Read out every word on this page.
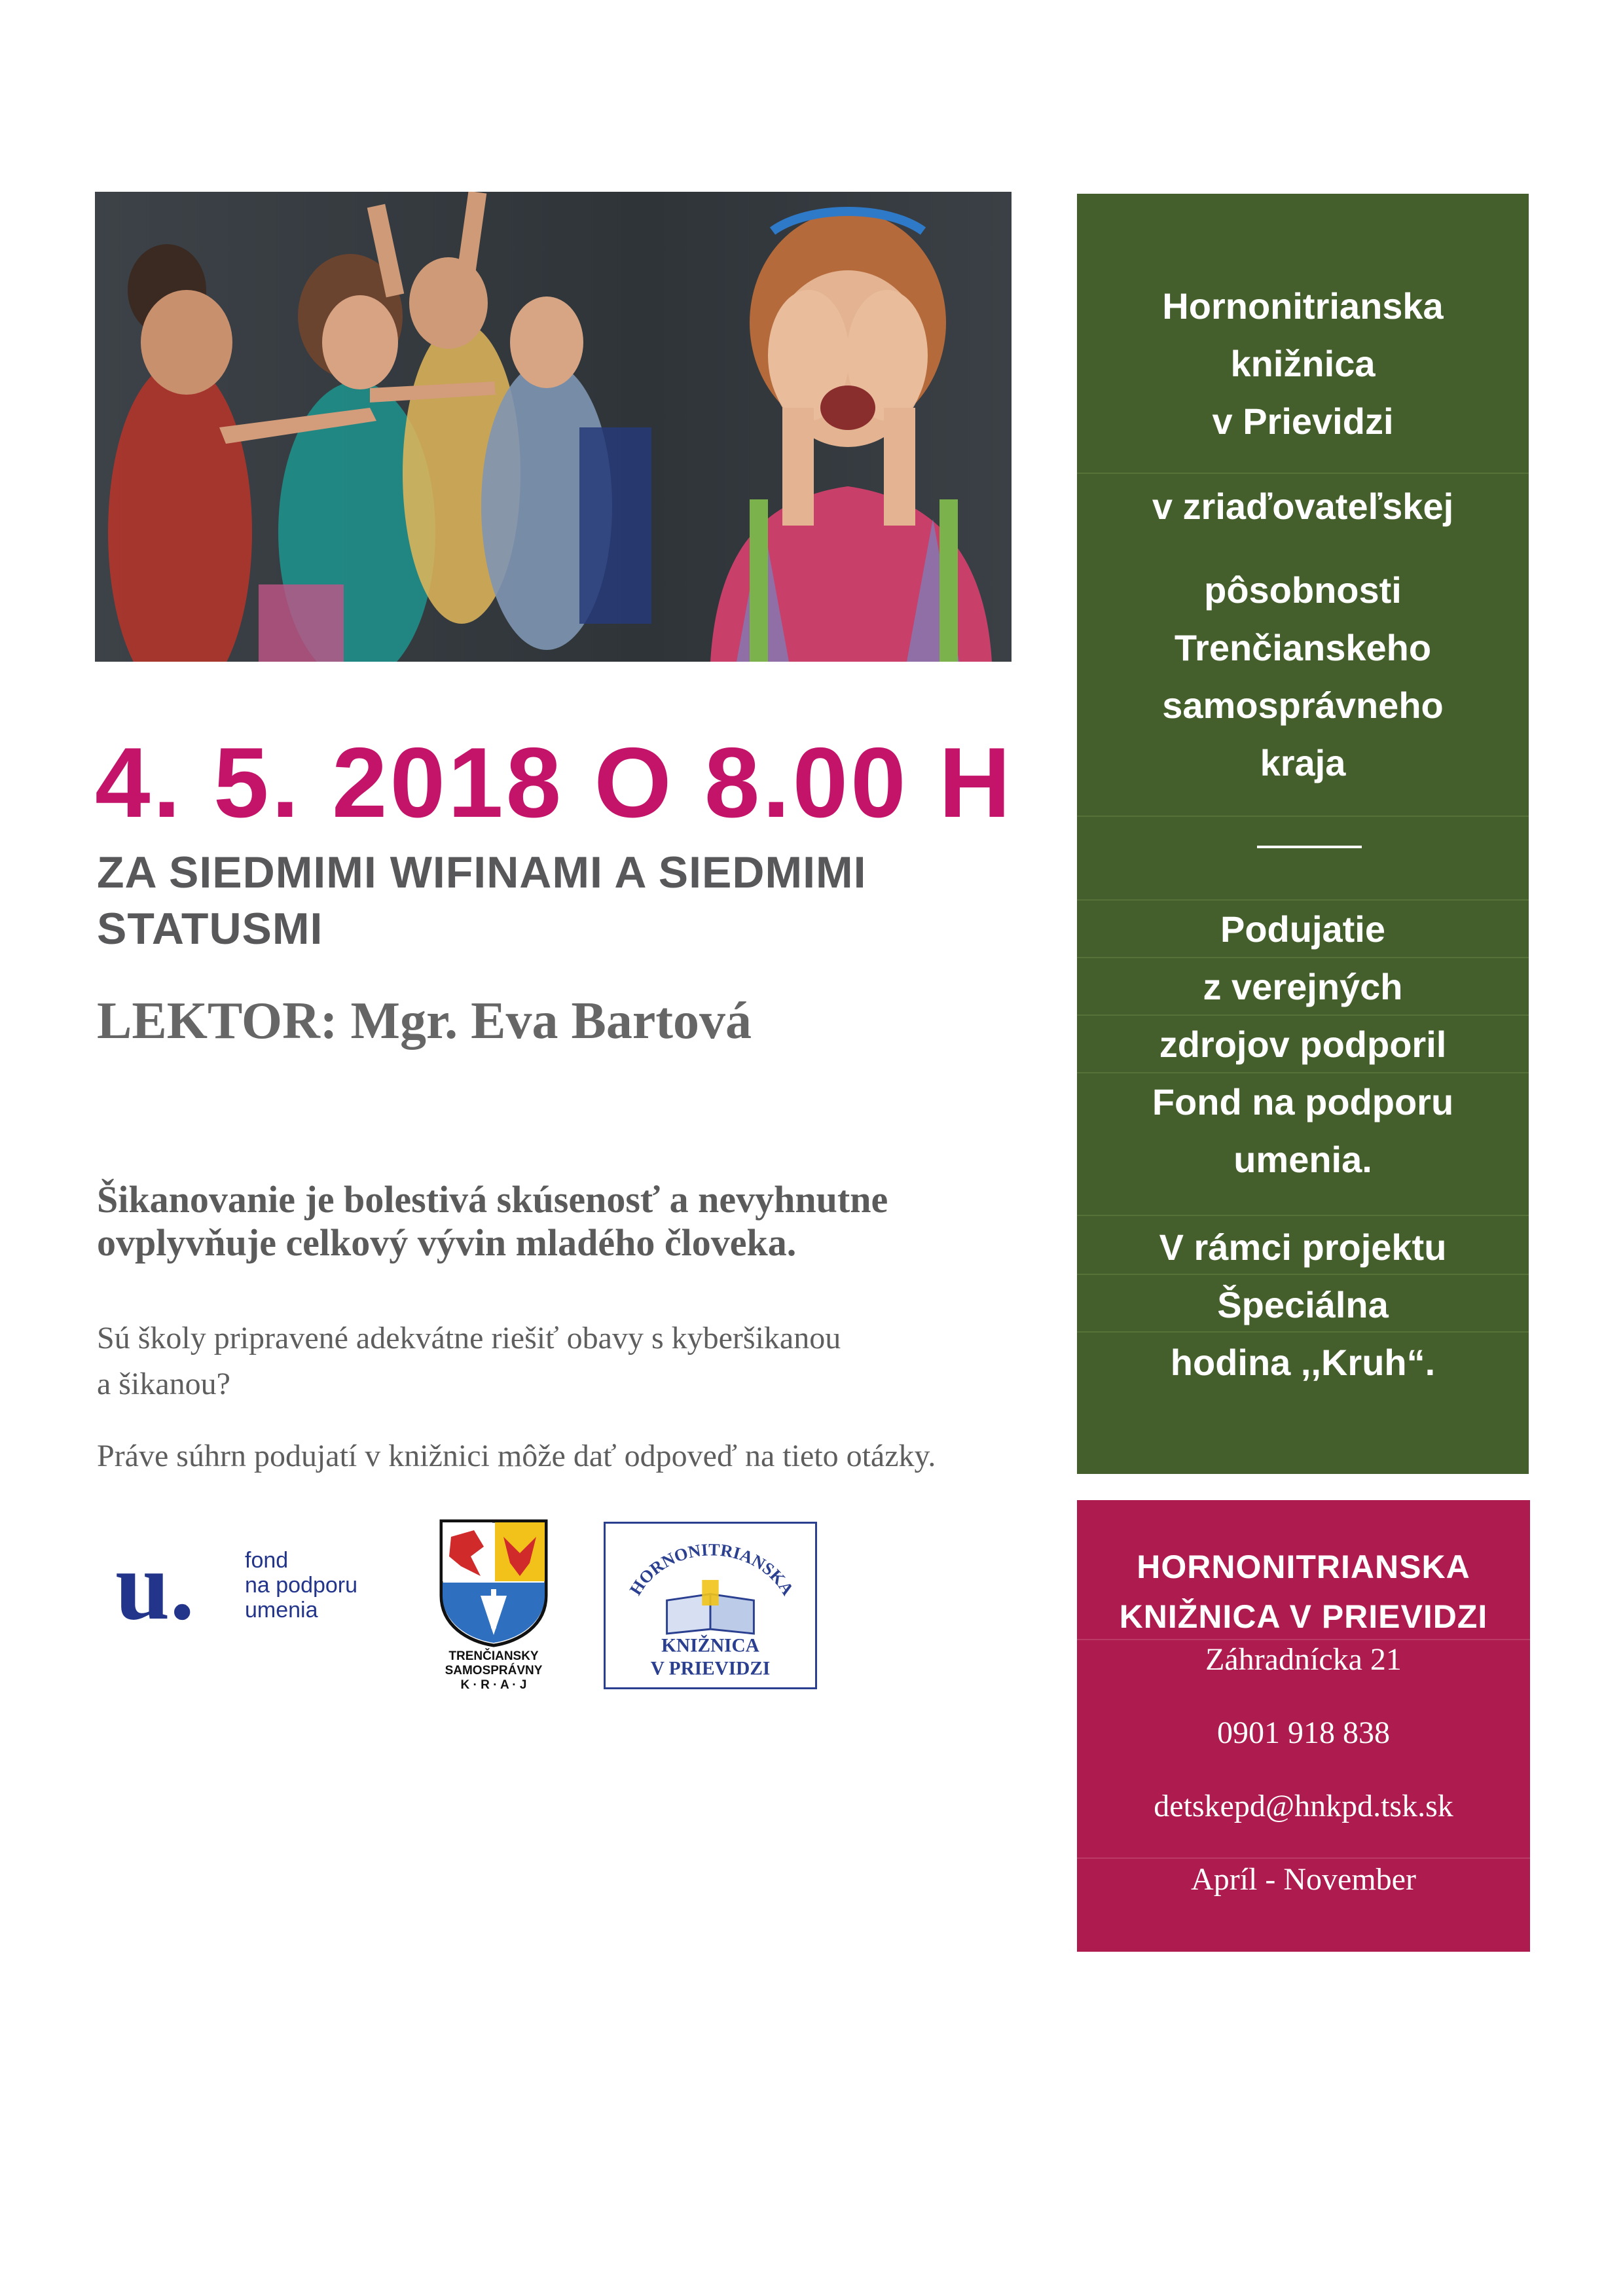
4. 5. 2018 O 8.00 H
ZA SIEDMIMI WIFINAMI A SIEDMIMI
STATUSMI
LEKTOR: Mgr. Eva Bartová
Šikanovanie je bolestivá skúsenosť a nevyhnutne
ovplyvňuje celkový vývin mladého človeka.
Sú školy pripravené adekvátne riešiť obavy s kyberšikanou
a šikanou?
Práve súhrn podujatí v knižnici môže dať odpoveď na tieto otázky.
u. fond
na podporu
umenia
TRENČIANSKY
SAMOSPRÁVNY
K · R · A · J
HORNONITRIANSKA
KNIŽNICA
V PRIEVIDZI
Hornonitrianska
knižnica
v Prievidzi
v zriaďovateľskej
pôsobnosti
Trenčianskeho
samosprávneho
kraja
Podujatie
z verejných
zdrojov podporil
Fond na podporu
umenia.
V rámci projektu
Špeciálna
hodina ,,Kruh“.
HORNONITRIANSKA
KNIŽNICA V PRIEVIDZI
Záhradnícka 21
0901 918 838
detskepd@hnkpd.tsk.sk
Apríl - November
